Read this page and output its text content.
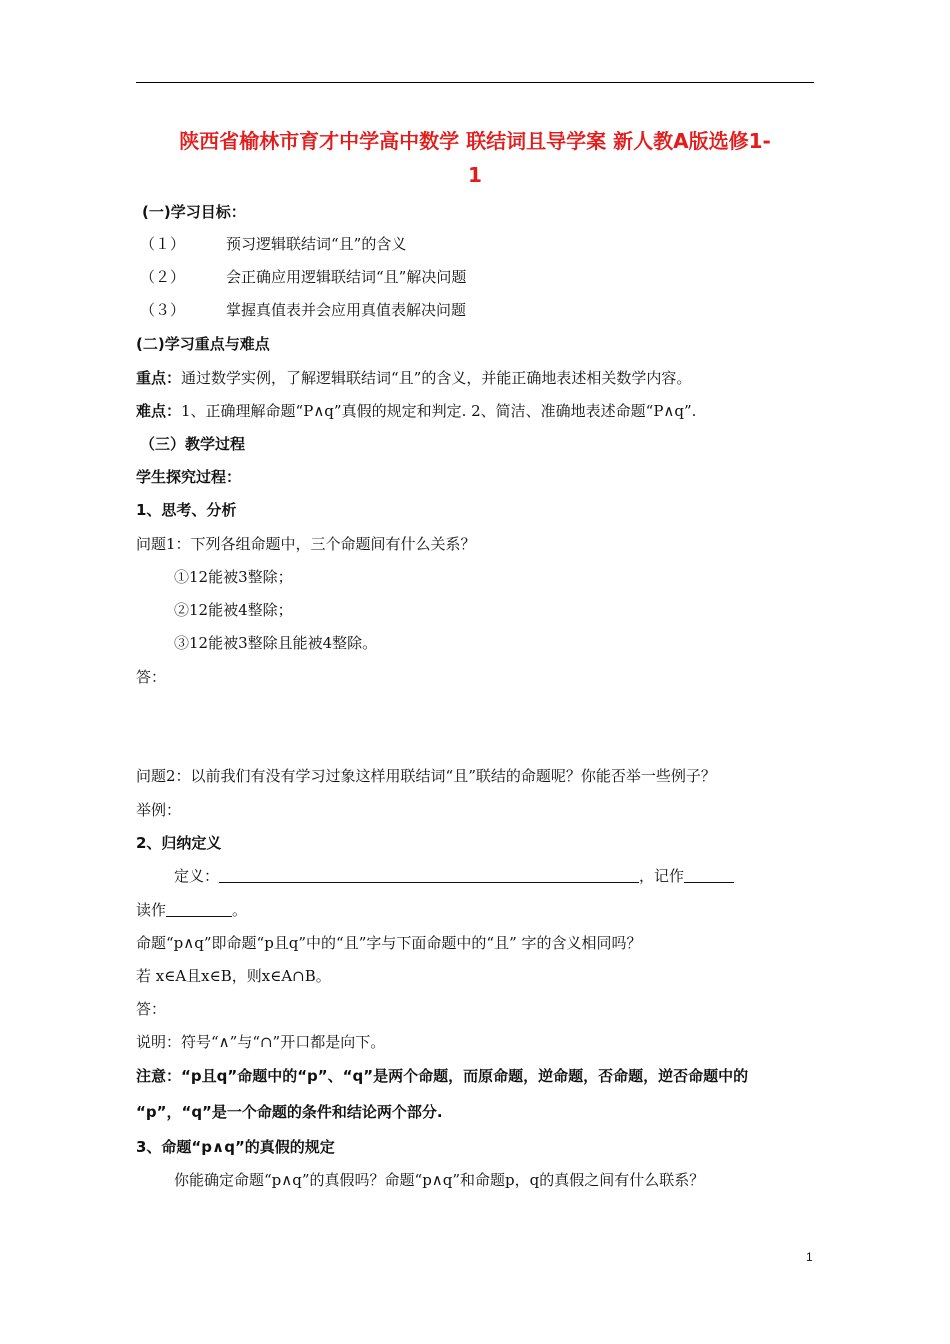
陕西省榆林市育才中学高中数学 联结词且导学案 新人教A版选修1-
1
(一)学习目标：
（１）	预习逻辑联结词“且”的含义
（２）	会正确应用逻辑联结词“且”解决问题
（３）	掌握真值表并会应用真值表解决问题
(二)学习重点与难点
重点：通过数学实例，了解逻辑联结词“且”的含义，并能正确地表述相关数学内容。
难点：1、正确理解命题“P∧q”真假的规定和判定. 2、简洁、准确地表述命题“P∧q”.
（三）教学过程
学生探究过程：
1、思考、分析
问题1：下列各组命题中，三个命题间有什么关系？
①12能被3整除；
②12能被4整除；
③12能被3整除且能被4整除。
答：
问题2：以前我们有没有学习过象这样用联结词“且”联结的命题呢？你能否举一些例子？
举例：
2、归纳定义
定义：	，记作
读作	。
命题“p∧q”即命题“p且q”中的“且”字与下面命题中的“且” 字的含义相同吗？
若 x∈A且x∈B，则x∈A∩B。
答：
说明：符号“∧”与“∩”开口都是向下。
注意：“p且q”命题中的“p”、“q”是两个命题，而原命题，逆命题，否命题，逆否命题中的
“p”，“q”是一个命题的条件和结论两个部分.
3、命题“p∧q”的真假的规定
你能确定命题“p∧q”的真假吗？命题“p∧q”和命题p，q的真假之间有什么联系？
1
